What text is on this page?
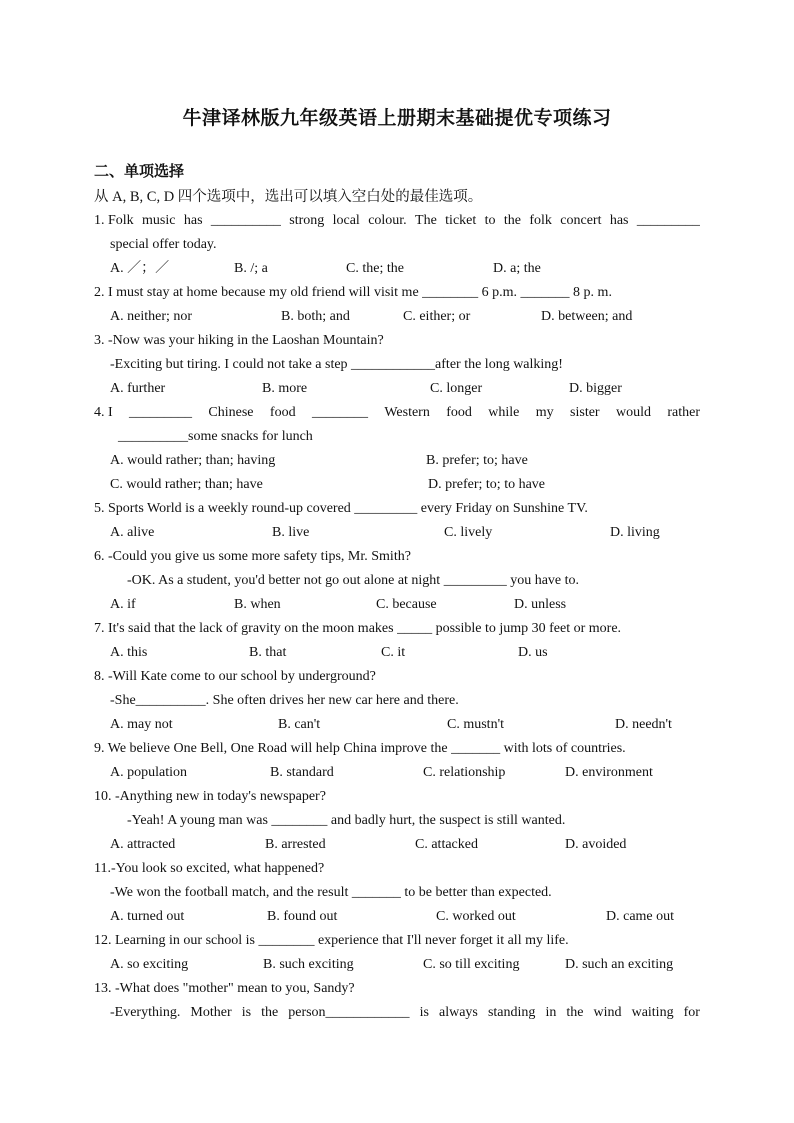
牛津译林版九年级英语上册期末基础提优专项练习
二、单项选择
从 A, B, C, D 四个选项中，选出可以填入空白处的最佳选项。
1. Folk music has __________ strong local colour. The ticket to the folk concert has _________
special offer today.
A. ／；／	B. /; a	C. the; the	D. a; the
2. I must stay at home because my old friend will visit me ________ 6 p.m. _______ 8 p. m.
A. neither; nor	B. both; and	C. either; or	D. between; and
3. -Now was your hiking in the Laoshan Mountain?
-Exciting but tiring. I could not take a step ____________after the long walking!
A. further	B. more	C. longer	D. bigger
4. I _________ Chinese food ________ Western food while my sister would rather
__________some snacks for lunch
A. would rather; than; having	B. prefer; to; have
C. would rather; than; have	D. prefer; to; to have
5. Sports World is a weekly round-up covered _________ every Friday on Sunshine TV.
A. alive	B. live	C. lively	D. living
6. -Could you give us some more safety tips, Mr. Smith?
-OK. As a student, you'd better not go out alone at night _________ you have to.
A. if	B. when	C. because	D. unless
7. It's said that the lack of gravity on the moon makes _____ possible to jump 30 feet or more.
A. this	B. that	C. it	D. us
8. -Will Kate come to our school by underground?
-She__________. She often drives her new car here and there.
A. may not	B. can't	C. mustn't	D. needn't
9. We believe One Bell, One Road will help China improve the _______ with lots of countries.
A. population	B. standard	C. relationship	D. environment
10. -Anything new in today's newspaper?
-Yeah! A young man was ________ and badly hurt, the suspect is still wanted.
A. attracted	B. arrested	C. attacked	D. avoided
11.-You look so excited, what happened?
-We won the football match, and the result _______ to be better than expected.
A. turned out	B. found out	C. worked out	D. came out
12. Learning in our school is ________ experience that I'll never forget it all my life.
A. so exciting	B. such exciting	C. so till exciting	D. such an exciting
13. -What does "mother" mean to you, Sandy?
-Everything. Mother is the person____________ is always standing in the wind waiting for
